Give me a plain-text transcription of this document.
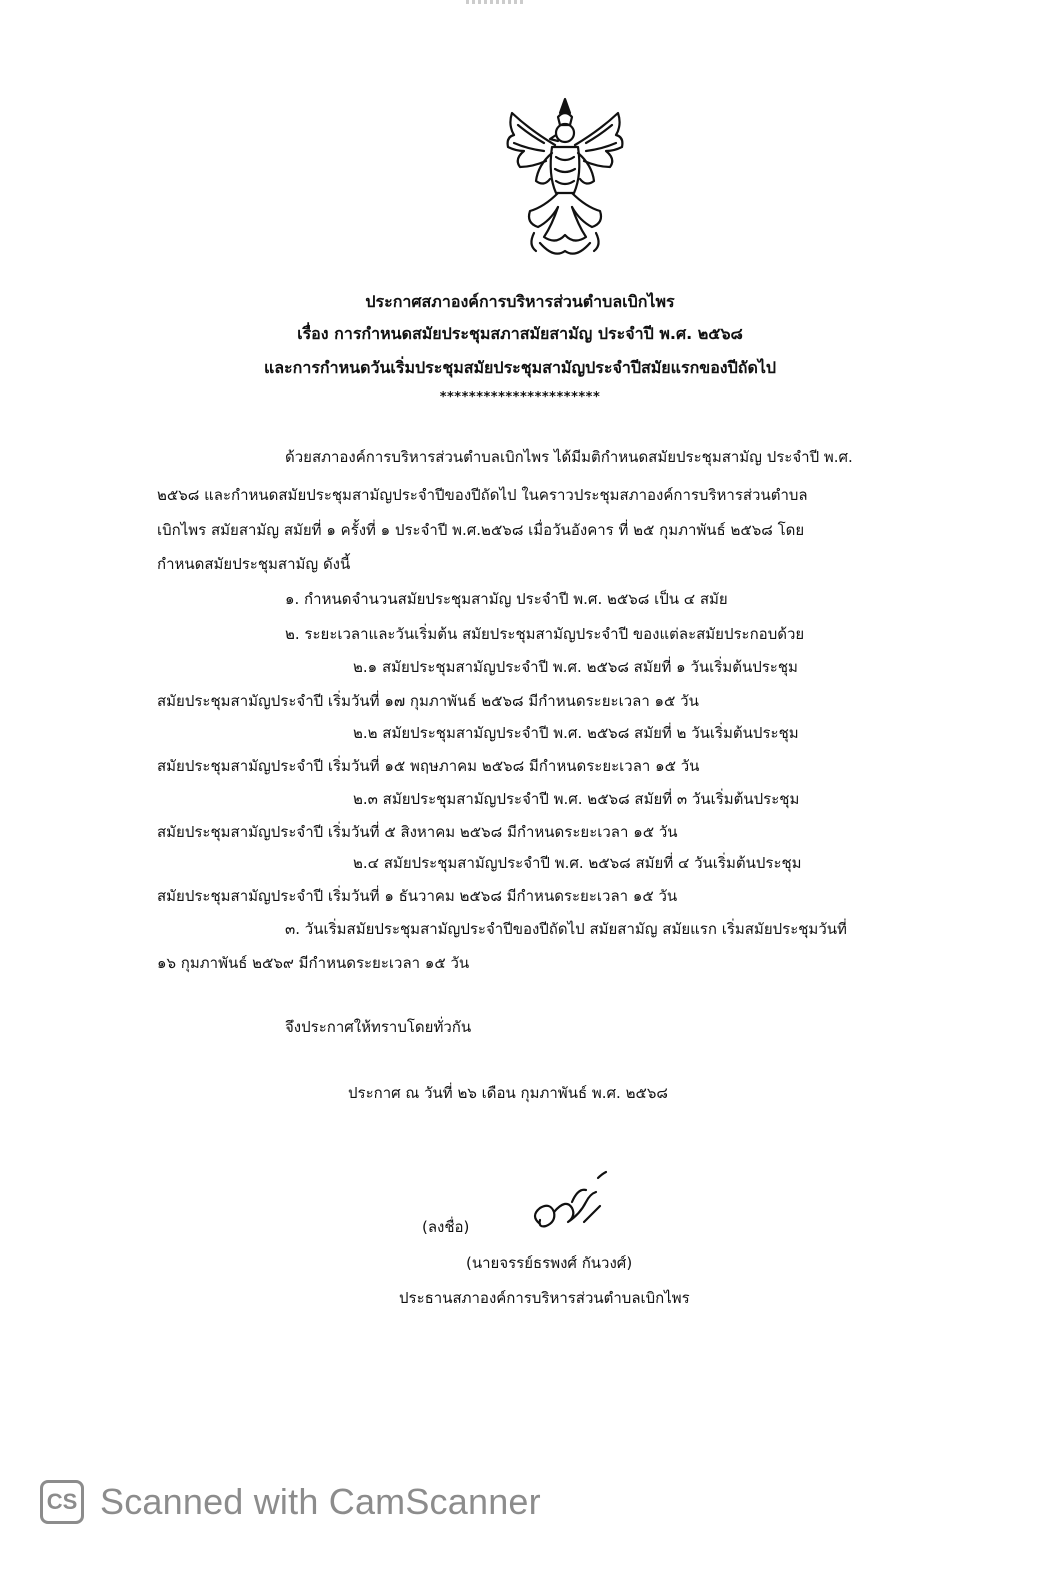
ประกาศสภาองค์การบริหารส่วนตำบลเบิกไพร
เรื่อง การกำหนดสมัยประชุมสภาสมัยสามัญ ประจำปี พ.ศ. ๒๕๖๘
และการกำหนดวันเริ่มประชุมสมัยประชุมสามัญประจำปีสมัยแรกของปีถัดไป
**********************
ด้วยสภาองค์การบริหารส่วนตำบลเบิกไพร ได้มีมติกำหนดสมัยประชุมสามัญ ประจำปี พ.ศ.
๒๕๖๘ และกำหนดสมัยประชุมสามัญประจำปีของปีถัดไป ในคราวประชุมสภาองค์การบริหารส่วนตำบล
เบิกไพร สมัยสามัญ สมัยที่ ๑ ครั้งที่ ๑ ประจำปี พ.ศ.๒๕๖๘ เมื่อวันอังคาร ที่ ๒๕ กุมภาพันธ์ ๒๕๖๘ โดย
กำหนดสมัยประชุมสามัญ ดังนี้
๑. กำหนดจำนวนสมัยประชุมสามัญ ประจำปี พ.ศ. ๒๕๖๘ เป็น ๔ สมัย
๒. ระยะเวลาและวันเริ่มต้น สมัยประชุมสามัญประจำปี ของแต่ละสมัยประกอบด้วย
๒.๑ สมัยประชุมสามัญประจำปี พ.ศ. ๒๕๖๘ สมัยที่ ๑ วันเริ่มต้นประชุม
สมัยประชุมสามัญประจำปี เริ่มวันที่ ๑๗ กุมภาพันธ์ ๒๕๖๘ มีกำหนดระยะเวลา ๑๕ วัน
๒.๒ สมัยประชุมสามัญประจำปี พ.ศ. ๒๕๖๘ สมัยที่ ๒ วันเริ่มต้นประชุม
สมัยประชุมสามัญประจำปี เริ่มวันที่ ๑๕ พฤษภาคม ๒๕๖๘ มีกำหนดระยะเวลา ๑๕ วัน
๒.๓ สมัยประชุมสามัญประจำปี พ.ศ. ๒๕๖๘ สมัยที่ ๓ วันเริ่มต้นประชุม
สมัยประชุมสามัญประจำปี เริ่มวันที่ ๕ สิงหาคม ๒๕๖๘ มีกำหนดระยะเวลา ๑๕ วัน
๒.๔ สมัยประชุมสามัญประจำปี พ.ศ. ๒๕๖๘ สมัยที่ ๔ วันเริ่มต้นประชุม
สมัยประชุมสามัญประจำปี เริ่มวันที่ ๑ ธันวาคม ๒๕๖๘ มีกำหนดระยะเวลา ๑๕ วัน
๓. วันเริ่มสมัยประชุมสามัญประจำปีของปีถัดไป สมัยสามัญ สมัยแรก เริ่มสมัยประชุมวันที่
๑๖ กุมภาพันธ์ ๒๕๖๙ มีกำหนดระยะเวลา ๑๕ วัน
จึงประกาศให้ทราบโดยทั่วกัน
ประกาศ ณ วันที่ ๒๖ เดือน กุมภาพันธ์ พ.ศ. ๒๕๖๘
(ลงชื่อ)
(นายจรรย์ธรพงศ์ กันวงศ์)
ประธานสภาองค์การบริหารส่วนตำบลเบิกไพร
CS Scanned with CamScanner
